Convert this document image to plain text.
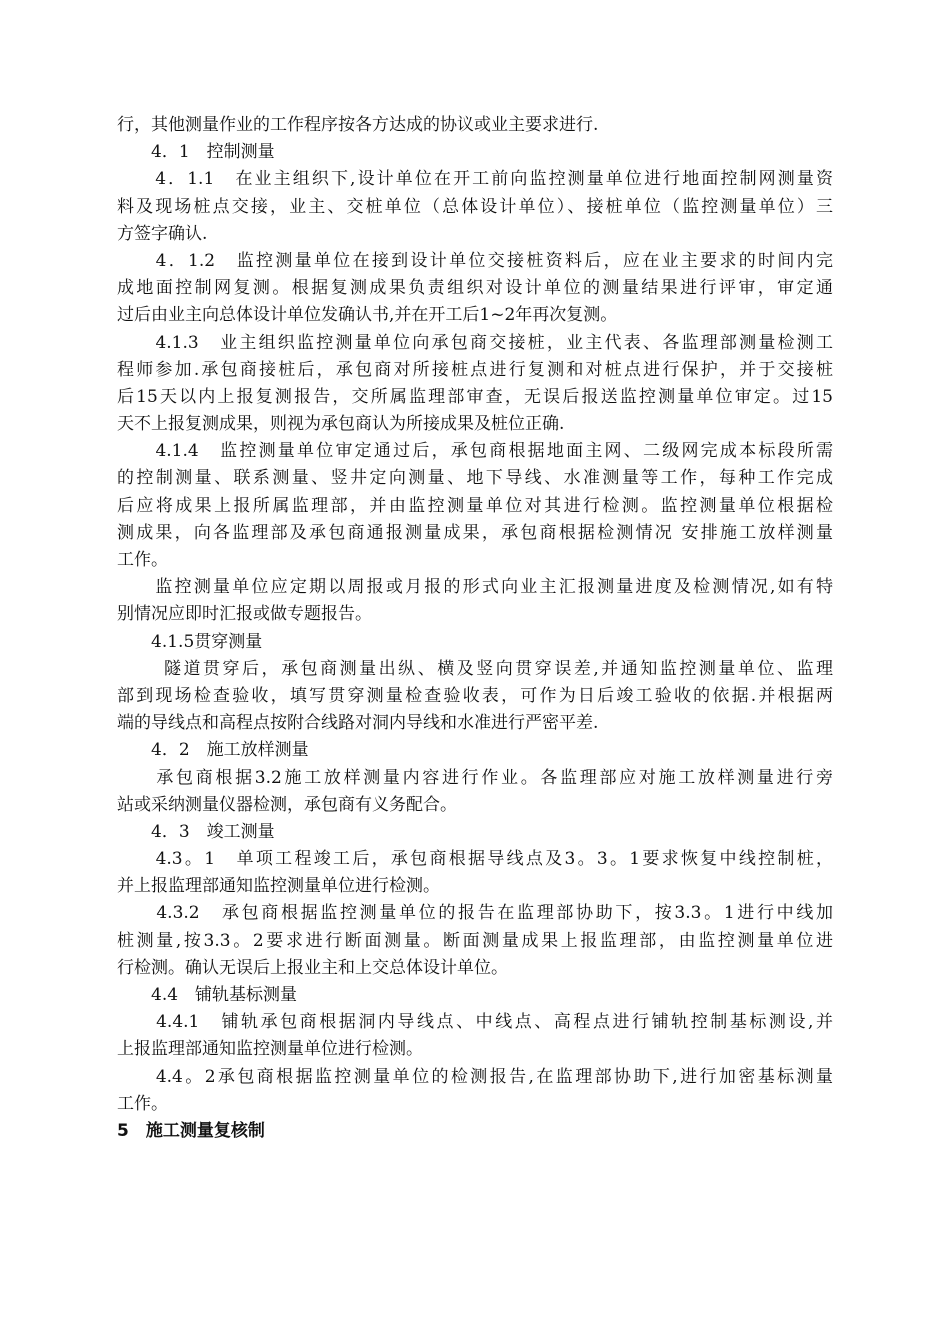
行，其他测量作业的工作程序按各方达成的协议或业主要求进行.
　　4．1　控制测量
　　4．1.1　在业主组织下,设计单位在开工前向监控测量单位进行地面控制网测量资
料及现场桩点交接，业主、交桩单位（总体设计单位）、接桩单位（监控测量单位）三
方签字确认.
　　4．1.2　监控测量单位在接到设计单位交接桩资料后，应在业主要求的时间内完
成地面控制网复测。根据复测成果负责组织对设计单位的测量结果进行评审，审定通
过后由业主向总体设计单位发确认书,并在开工后1~2年再次复测。
　　4.1.3　业主组织监控测量单位向承包商交接桩，业主代表、各监理部测量检测工
程师参加.承包商接桩后，承包商对所接桩点进行复测和对桩点进行保护，并于交接桩
后15天以内上报复测报告，交所属监理部审查，无误后报送监控测量单位审定。过15
天不上报复测成果，则视为承包商认为所接成果及桩位正确.
　　4.1.4　监控测量单位审定通过后，承包商根据地面主网、二级网完成本标段所需
的控制测量、联系测量、竖井定向测量、地下导线、水准测量等工作，每种工作完成
后应将成果上报所属监理部，并由监控测量单位对其进行检测。监控测量单位根据检
测成果，向各监理部及承包商通报测量成果，承包商根据检测情况 安排施工放样测量
工作。
　　监控测量单位应定期以周报或月报的形式向业主汇报测量进度及检测情况,如有特
别情况应即时汇报或做专题报告。
　　4.1.5贯穿测量
　　 隧道贯穿后，承包商测量出纵、横及竖向贯穿误差,并通知监控测量单位、监理
部到现场检查验收，填写贯穿测量检查验收表，可作为日后竣工验收的依据.并根据两
端的导线点和高程点按附合线路对洞内导线和水准进行严密平差.
　　4．2　施工放样测量
　　承包商根据3.2施工放样测量内容进行作业。各监理部应对施工放样测量进行旁
站或采纳测量仪器检测，承包商有义务配合。
　　4．3　竣工测量
　　4.3。1　单项工程竣工后，承包商根据导线点及3。3。1要求恢复中线控制桩，
并上报监理部通知监控测量单位进行检测。
　　4.3.2　承包商根据监控测量单位的报告在监理部协助下，按3.3。1进行中线加
桩测量,按3.3。2要求进行断面测量。断面测量成果上报监理部，由监控测量单位进
行检测。确认无误后上报业主和上交总体设计单位。
　　4.4　铺轨基标测量
　　4.4.1　铺轨承包商根据洞内导线点、中线点、高程点进行铺轨控制基标测设,并
上报监理部通知监控测量单位进行检测。
　　4.4。2承包商根据监控测量单位的检测报告,在监理部协助下,进行加密基标测量
工作。
5　施工测量复核制
